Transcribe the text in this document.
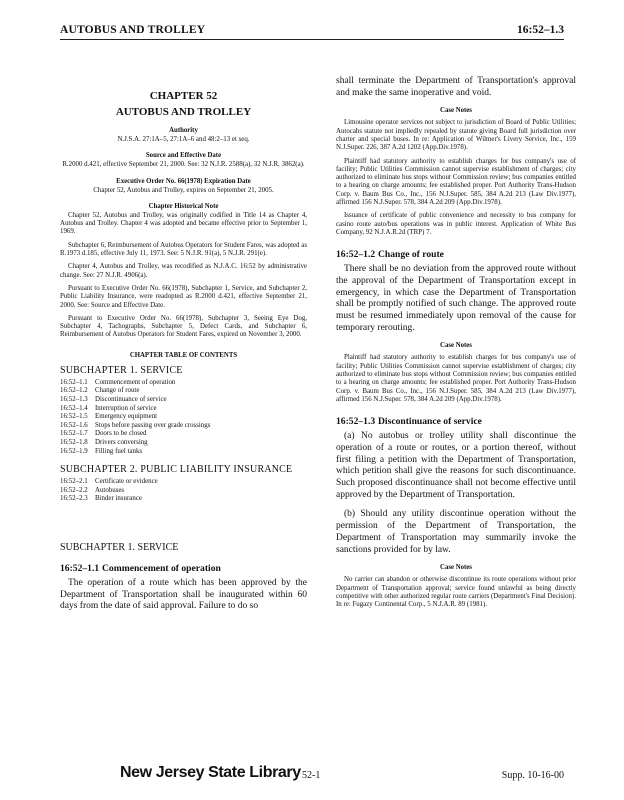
AUTOBUS AND TROLLEY	16:52–1.3
CHAPTER 52
AUTOBUS AND TROLLEY
Authority

N.J.S.A. 27:1A–5, 27:1A–6 and 48:2–13 et seq.

Source and Effective Date

R.2000 d.421, effective September 21, 2000. See: 32 N.J.R. 2588(a), 32 N.J.R. 3862(a).

Executive Order No. 66(1978) Expiration Date

Chapter 52, Autobus and Trolley, expires on September 21, 2005.

Chapter Historical Note

Chapter 52, Autobus and Trolley, was originally codified in Title 14 as Chapter 4, Autobus and Trolley. Chapter 4 was adopted and became effective prior to September 1, 1969.

Subchapter 6, Reimbursement of Autobus Operators for Student Fares, was adopted as R.1973 d.185, effective July 11, 1973. See: 5 N.J.R. 91(a), 5 N.J.R. 291(e).

Chapter 4, Autobus and Trolley, was recodified as N.J.A.C. 16:52 by administrative change. See: 27 N.J.R. 4906(a).

Pursuant to Executive Order No. 66(1978), Subchapter 1, Service, and Subchapter 2, Public Liability Insurance, were readopted as R.2000 d.421, effective September 21, 2000. See: Source and Effective Date.

Pursuant to Executive Order No. 66(1978), Subchapter 3, Seeing Eye Dog, Subchapter 4, Tachographs, Subchapter 5, Defect Cards, and Subchapter 6, Reimbursement of Autobus Operators for Student Fares, expired on November 3, 2000.

CHAPTER TABLE OF CONTENTS
SUBCHAPTER 1. SERVICE
16:52–1.1	Commencement of operation
16:52–1.2	Change of route
16:52–1.3	Discontinuance of service
16:52–1.4	Interruption of service
16:52–1.5	Emergency equipment
16:52–1.6	Stops before passing over grade crossings
16:52–1.7	Doors to be closed
16:52–1.8	Drivers conversing
16:52–1.9	Filling fuel tanks
SUBCHAPTER 2. PUBLIC LIABILITY INSURANCE
16:52–2.1	Certificate or evidence
16:52–2.2	Autobuses
16:52–2.3	Binder insurance
SUBCHAPTER 1. SERVICE
16:52–1.1 Commencement of operation

The operation of a route which has been approved by the Department of Transportation shall be inaugurated within 60 days from the date of said approval. Failure to do so

shall terminate the Department of Transportation's approval and make the same inoperative and void.

Case Notes

Limousine operator services not subject to jurisdiction of Board of Public Utilities; Autocabs statute not impliedly repealed by statute giving Board full jurisdiction over charter and special buses. In re: Application of Wilmer's Livery Service, Inc., 159 N.J.Super. 226, 387 A.2d 1202 (App.Div.1978).

Plaintiff had statutory authority to establish charges for bus company's use of facility; Public Utilities Commission cannot supervise establishment of charges; city authorized to eliminate bus stops without Commission review; bus companies entitled to a hearing on charge amounts; fee established proper. Port Authority Trans-Hudson Corp. v. Baum Bus Co., Inc., 156 N.J.Super. 585, 384 A.2d 213 (Law Div.1977), affirmed 156 N.J.Super. 578, 384 A.2d 209 (App.Div.1978).

Issuance of certificate of public convenience and necessity to bus company for casino route auto/bus operations was in public interest. Application of White Bus Company, 92 N.J.A.R.2d (TRP) 7.

16:52–1.2 Change of route

There shall be no deviation from the approved route without the approval of the Department of Transportation except in emergency, in which case the Department of Transportation shall be promptly notified of such change. The approved route must be resumed immediately upon removal of the cause for temporary rerouting.

Case Notes

Plaintiff had statutory authority to establish charges for bus company's use of facility; Public Utilities Commission cannot supervise establishment of charges; city authorized to eliminate bus stops without Commission review; bus companies entitled to a hearing on charge amounts; fee established proper. Port Authority Trans-Hudson Corp. v. Baum Bus Co., Inc., 156 N.J.Super. 585, 384 A.2d 213 (Law Div.1977), affirmed 156 N.J.Super. 578, 384 A.2d 209 (App.Div.1978).

16:52–1.3 Discontinuance of service

(a) No autobus or trolley utility shall discontinue the operation of a route or routes, or a portion thereof, without first filing a petition with the Department of Transportation, which petition shall give the reasons for such discontinuance. Such proposed discontinuance shall not become effective until approved by the Department of Transportation.

(b) Should any utility discontinue operation without the permission of the Department of Transportation, the Department of Transportation may summarily invoke the sanctions provided for by law.

Case Notes

No carrier can abandon or otherwise discontinue its route operations without prior Department of Transportation approval; service found unlawful as being directly competitive with other authorized regular route carriers (Department's Final Decision). In re: Fugazy Continental Corp., 5 N.J.A.R. 89 (1981).

New Jersey State Library 52-1	Supp. 10-16-00
